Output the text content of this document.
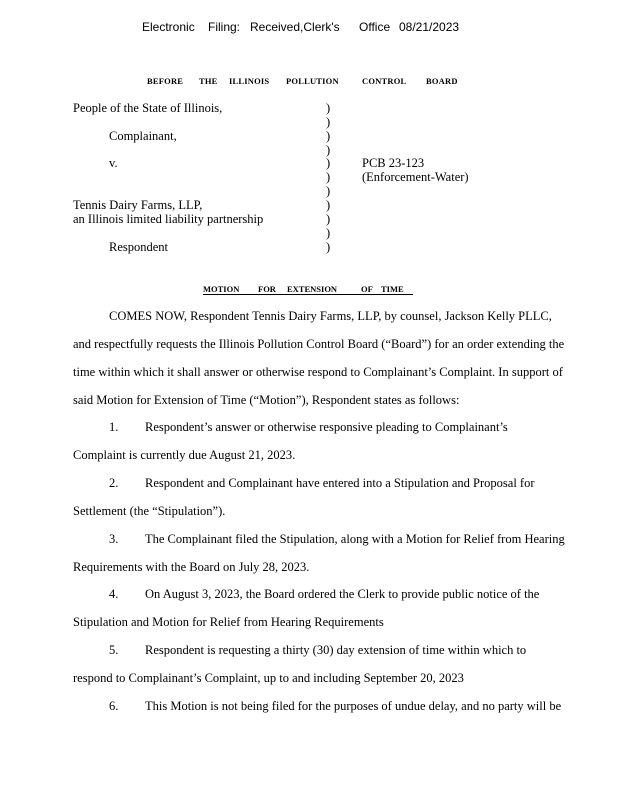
Electronic Filing: Received,Clerk's Office 08/21/2023
BEFORE THE ILLINOIS POLLUTION	CONTROL BOARD
People of the State of Illinois,
Complainant,
v.
Tennis Dairy Farms, LLP,
an Illinois limited liability partnership
Respondent
)
)
)
)
)
)
)
)
)
)
)
PCB 23-123
(Enforcement-Water)
MOTION FOR EXTENSION	OF TIME
COMES NOW, Respondent Tennis Dairy Farms, LLP, by counsel, Jackson Kelly PLLC,
and respectfully requests the Illinois Pollution Control Board (“Board”) for an order extending the
time within which it shall answer or otherwise respond to Complainant’s Complaint. In support of
said Motion for Extension of Time (“Motion”), Respondent states as follows:
1. Respondent’s answer or otherwise responsive pleading to Complainant’s
Complaint is currently due August 21, 2023.
2. Respondent and Complainant have entered into a Stipulation and Proposal for
Settlement (the “Stipulation”).
3. The Complainant filed the Stipulation, along with a Motion for Relief from Hearing
Requirements with the Board on July 28, 2023.
4. On August 3, 2023, the Board ordered the Clerk to provide public notice of the
Stipulation and Motion for Relief from Hearing Requirements
5. Respondent is requesting a thirty (30) day extension of time within which to
respond to Complainant’s Complaint, up to and including September 20, 2023
6. This Motion is not being filed for the purposes of undue delay, and no party will be
